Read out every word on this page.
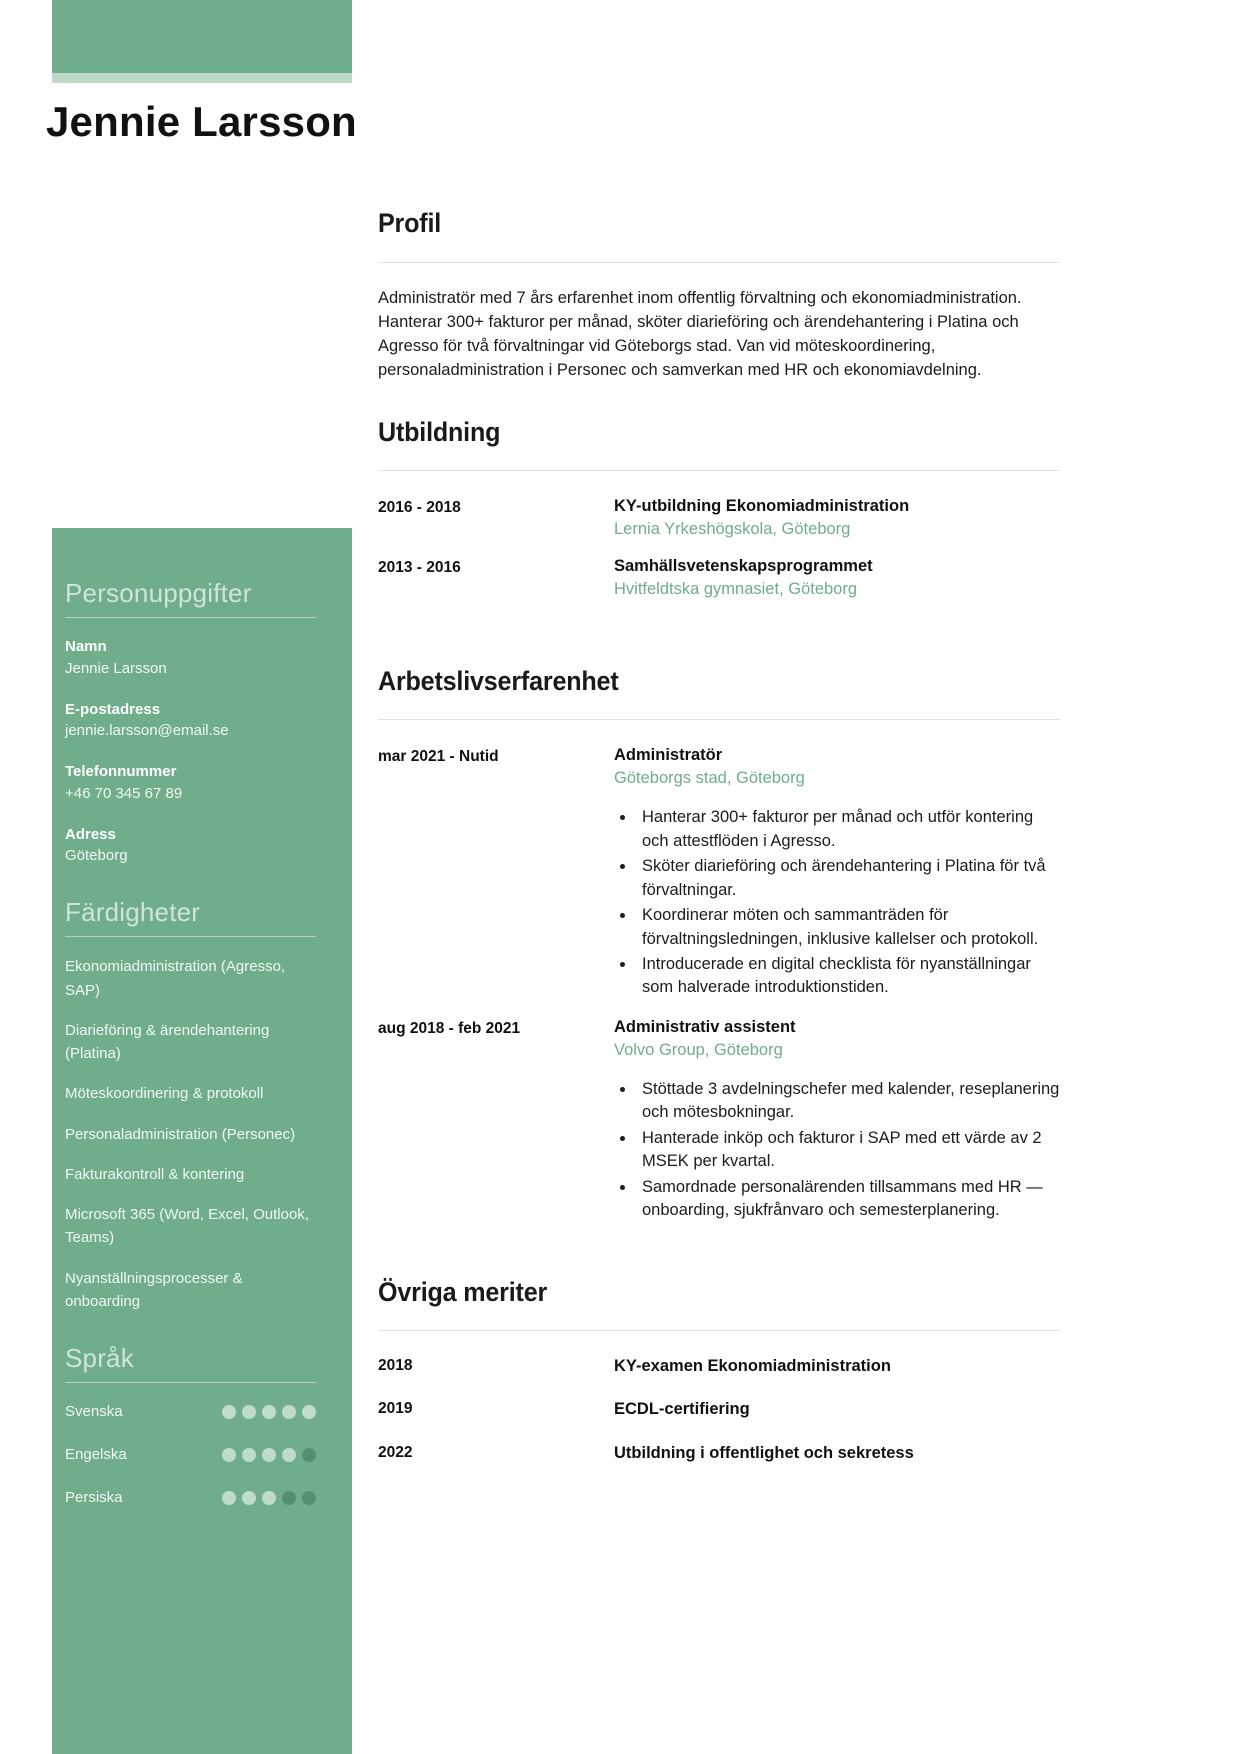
Jennie Larsson
Personuppgifter
Namn
Jennie Larsson
E-postadress
jennie.larsson@email.se
Telefonnummer
+46 70 345 67 89
Adress
Göteborg
Färdigheter
Ekonomiadministration (Agresso, SAP)
Diarieföring & ärendehantering (Platina)
Möteskoordinering & protokoll
Personaladministration (Personec)
Fakturakontroll & kontering
Microsoft 365 (Word, Excel, Outlook, Teams)
Nyanställningsprocesser & onboarding
Språk
Svenska
Engelska
Persiska
Profil

Administratör med 7 års erfarenhet inom offentlig förvaltning och ekonomiadministration. Hanterar 300+ fakturor per månad, sköter diarieföring och ärendehantering i Platina och Agresso för två förvaltningar vid Göteborgs stad. Van vid möteskoordinering, personaladministration i Personec och samverkan med HR och ekonomiavdelning.

Utbildning
2016 - 2018	KY-utbildning Ekonomiadministration
Lernia Yrkeshögskola, Göteborg
2013 - 2016	Samhällsvetenskapsprogrammet
Hvitfeldtska gymnasiet, Göteborg
Arbetslivserfarenhet
mar 2021 - Nutid	Administratör
Göteborgs stad, Göteborg
• Hanterar 300+ fakturor per månad och utför kontering och attestflöden i Agresso.
• Sköter diarieföring och ärendehantering i Platina för två förvaltningar.
• Koordinerar möten och sammanträden för förvaltningsledningen, inklusive kallelser och protokoll.
• Introducerade en digital checklista för nyanställningar som halverade introduktionstiden.
aug 2018 - feb 2021	Administrativ assistent
Volvo Group, Göteborg
• Stöttade 3 avdelningschefer med kalender, reseplanering och mötesbokningar.
• Hanterade inköp och fakturor i SAP med ett värde av 2 MSEK per kvartal.
• Samordnade personalärenden tillsammans med HR — onboarding, sjukfrånvaro och semesterplanering.
Övriga meriter
2018	KY-examen Ekonomiadministration
2019	ECDL-certifiering
2022	Utbildning i offentlighet och sekretess
